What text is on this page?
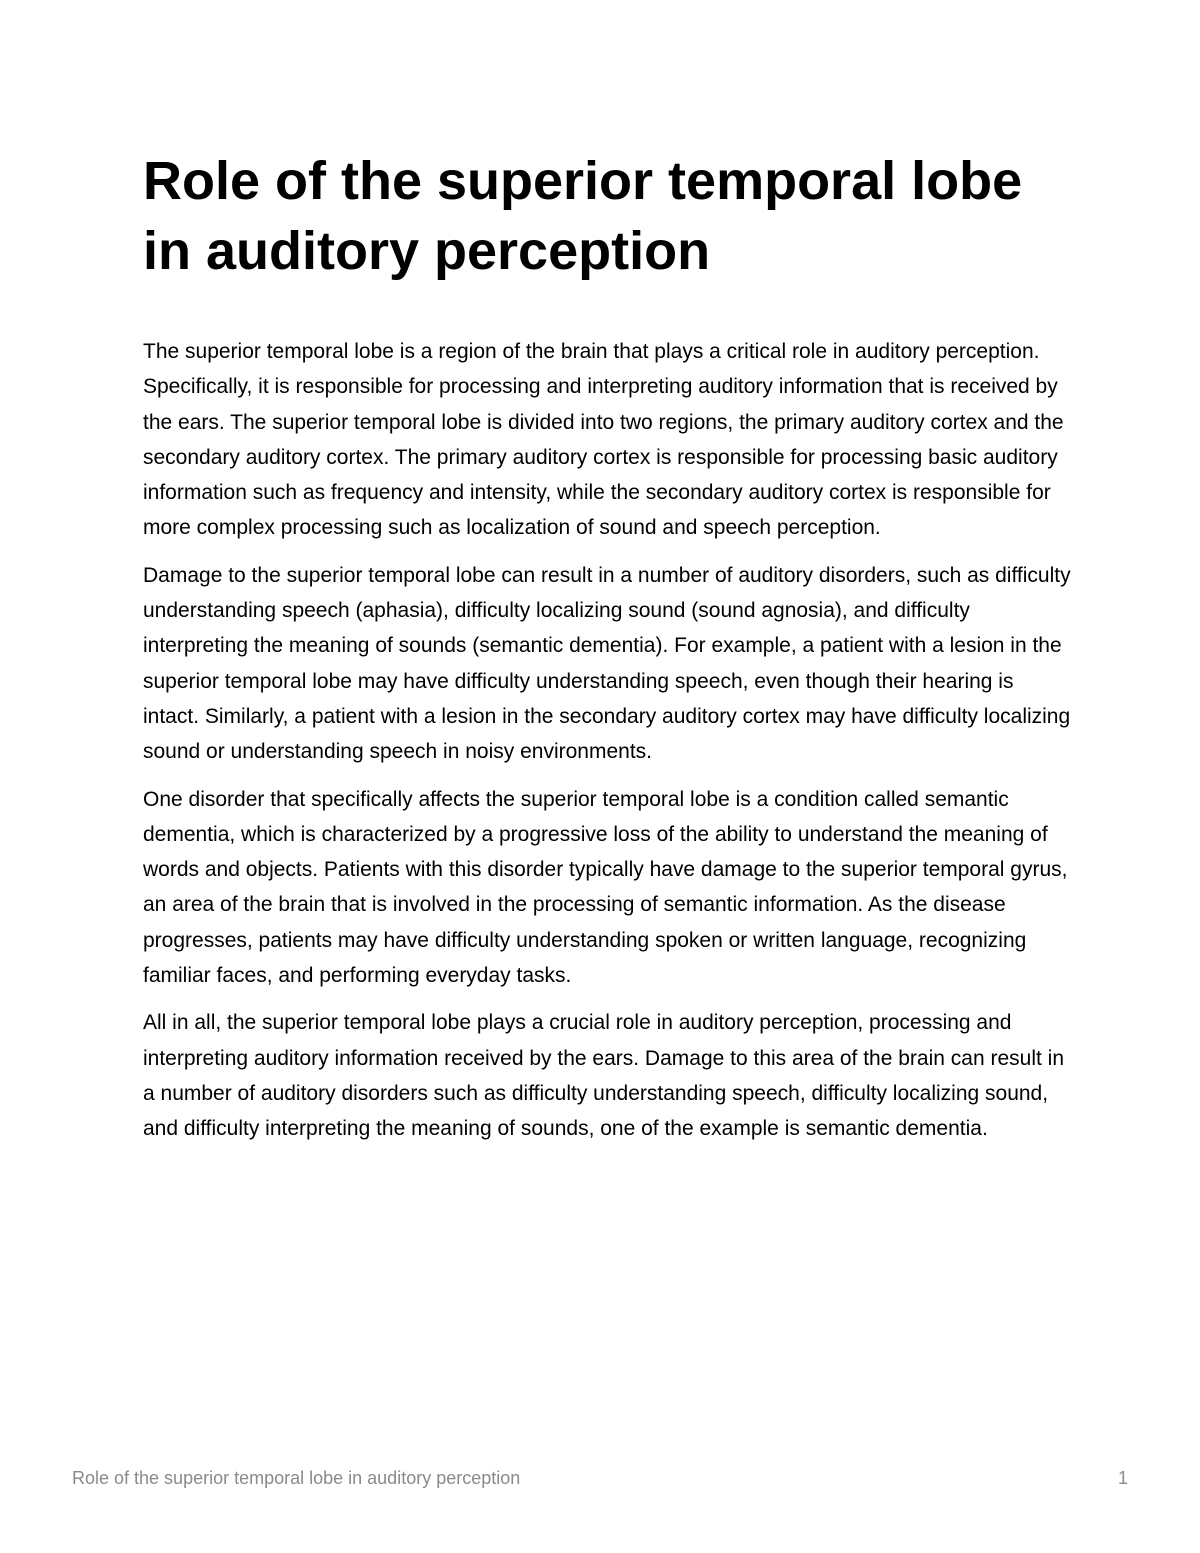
Role of the superior temporal lobe in auditory perception

The superior temporal lobe is a region of the brain that plays a critical role in auditory perception. Specifically, it is responsible for processing and interpreting auditory information that is received by the ears. The superior temporal lobe is divided into two regions, the primary auditory cortex and the secondary auditory cortex. The primary auditory cortex is responsible for processing basic auditory information such as frequency and intensity, while the secondary auditory cortex is responsible for more complex processing such as localization of sound and speech perception.

Damage to the superior temporal lobe can result in a number of auditory disorders, such as difficulty understanding speech (aphasia), difficulty localizing sound (sound agnosia), and difficulty interpreting the meaning of sounds (semantic dementia). For example, a patient with a lesion in the superior temporal lobe may have difficulty understanding speech, even though their hearing is intact. Similarly, a patient with a lesion in the secondary auditory cortex may have difficulty localizing sound or understanding speech in noisy environments.

One disorder that specifically affects the superior temporal lobe is a condition called semantic dementia, which is characterized by a progressive loss of the ability to understand the meaning of words and objects. Patients with this disorder typically have damage to the superior temporal gyrus, an area of the brain that is involved in the processing of semantic information. As the disease progresses, patients may have difficulty understanding spoken or written language, recognizing familiar faces, and performing everyday tasks.

All in all, the superior temporal lobe plays a crucial role in auditory perception, processing and interpreting auditory information received by the ears. Damage to this area of the brain can result in a number of auditory disorders such as difficulty understanding speech, difficulty localizing sound, and difficulty interpreting the meaning of sounds, one of the example is semantic dementia.

Role of the superior temporal lobe in auditory perception	1
